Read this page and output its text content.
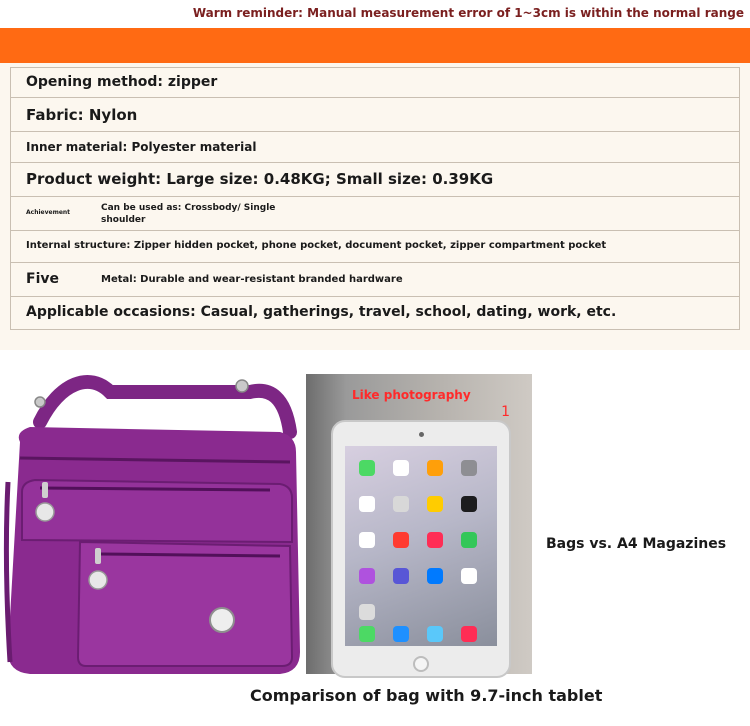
Warm reminder: Manual measurement error of 1~3cm is within the normal range
Opening method: zipper
Fabric: Nylon
Inner material: Polyester material
Product weight: Large size: 0.48KG; Small size: 0.39KG
Achievement	Can be used as: Crossbody/ Single shoulder
Internal structure: Zipper hidden pocket, phone pocket, document pocket, zipper compartment pocket
Five	Metal: Durable and wear-resistant branded hardware
Applicable occasions: Casual, gatherings, travel, school, dating, work, etc.
Like photography
1
Bags vs. A4 Magazines
Comparison of bag with 9.7-inch tablet
